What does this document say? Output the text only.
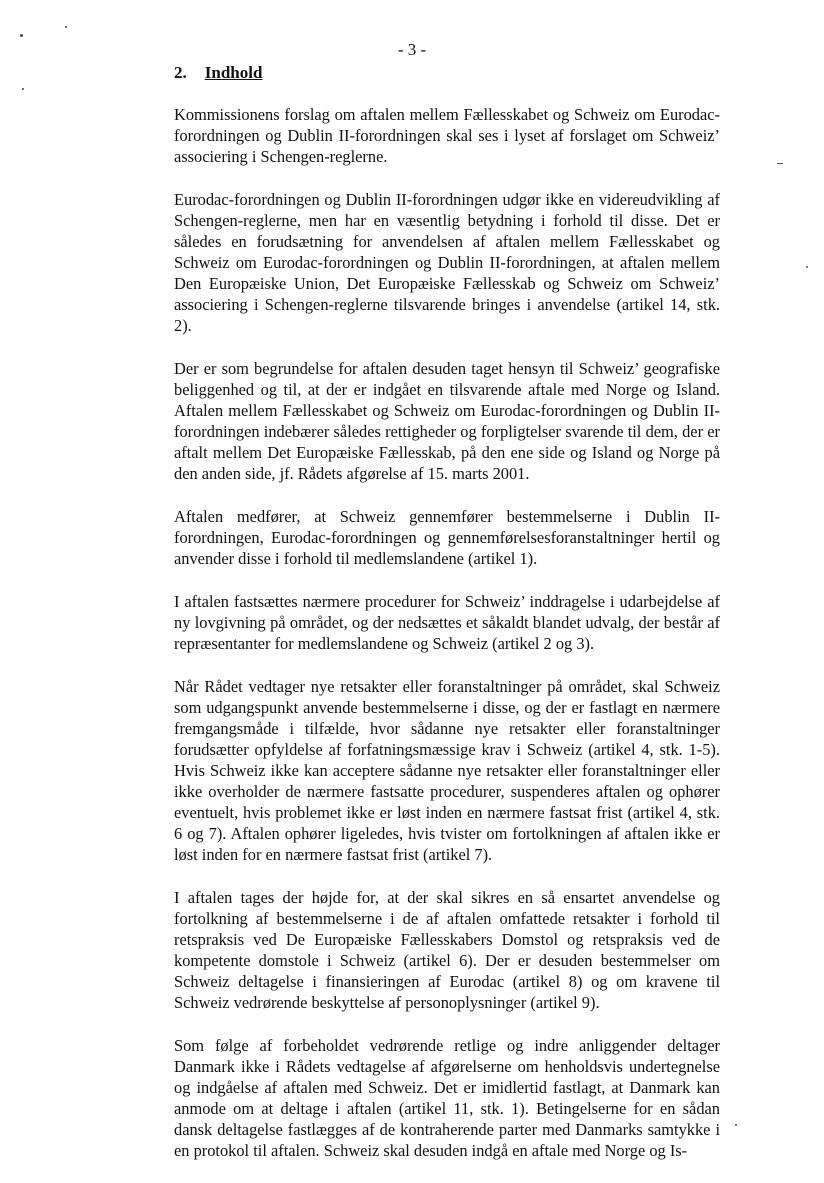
- 3 -
2. Indhold

Kommissionens forslag om aftalen mellem Fællesskabet og Schweiz om Eurodac-forordningen og Dublin II-forordningen skal ses i lyset af forslaget om Schweiz’ associering i Schengen-reglerne.

Eurodac-forordningen og Dublin II-forordningen udgør ikke en videreudvikling af Schengen-reglerne, men har en væsentlig betydning i forhold til disse. Det er således en forudsætning for anvendelsen af aftalen mellem Fællesskabet og Schweiz om Eurodac-forordningen og Dublin II-forordningen, at aftalen mellem Den Europæiske Union, Det Europæiske Fællesskab og Schweiz om Schweiz’ associering i Schengen-reglerne tilsvarende bringes i anvendelse (artikel 14, stk. 2).

Der er som begrundelse for aftalen desuden taget hensyn til Schweiz’ geografiske beliggenhed og til, at der er indgået en tilsvarende aftale med Norge og Island. Aftalen mellem Fællesskabet og Schweiz om Eurodac-forordningen og Dublin II-forordningen indebærer således rettigheder og forpligtelser svarende til dem, der er aftalt mellem Det Europæiske Fællesskab, på den ene side og Island og Norge på den anden side, jf. Rådets afgørelse af 15. marts 2001.

Aftalen medfører, at Schweiz gennemfører bestemmelserne i Dublin II-forordningen, Eurodac-forordningen og gennemførelsesforanstaltninger hertil og anvender disse i forhold til medlemslandene (artikel 1).

I aftalen fastsættes nærmere procedurer for Schweiz’ inddragelse i udarbejdelse af ny lovgivning på området, og der nedsættes et såkaldt blandet udvalg, der består af repræsentanter for medlemslandene og Schweiz (artikel 2 og 3).

Når Rådet vedtager nye retsakter eller foranstaltninger på området, skal Schweiz som udgangspunkt anvende bestemmelserne i disse, og der er fastlagt en nærmere fremgangsmåde i tilfælde, hvor sådanne nye retsakter eller foranstaltninger forudsætter opfyldelse af forfatningsmæssige krav i Schweiz (artikel 4, stk. 1-5). Hvis Schweiz ikke kan acceptere sådanne nye retsakter eller foranstaltninger eller ikke overholder de nærmere fastsatte procedurer, suspenderes aftalen og ophører eventuelt, hvis problemet ikke er løst inden en nærmere fastsat frist (artikel 4, stk. 6 og 7). Aftalen ophører ligeledes, hvis tvister om fortolkningen af aftalen ikke er løst inden for en nærmere fastsat frist (artikel 7).

I aftalen tages der højde for, at der skal sikres en så ensartet anvendelse og fortolkning af bestemmelserne i de af aftalen omfattede retsakter i forhold til retspraksis ved De Europæiske Fællesskabers Domstol og retspraksis ved de kompetente domstole i Schweiz (artikel 6). Der er desuden bestemmelser om Schweiz deltagelse i finansieringen af Eurodac (artikel 8) og om kravene til Schweiz vedrørende beskyttelse af personoplysninger (artikel 9).

Som følge af forbeholdet vedrørende retlige og indre anliggender deltager Danmark ikke i Rådets vedtagelse af afgørelserne om henholdsvis undertegnelse og indgåelse af aftalen med Schweiz. Det er imidlertid fastlagt, at Danmark kan anmode om at deltage i aftalen (artikel 11, stk. 1). Betingelserne for en sådan dansk deltagelse fastlægges af de kontraherende parter med Danmarks samtykke i en protokol til aftalen. Schweiz skal desuden indgå en aftale med Norge og Is-
